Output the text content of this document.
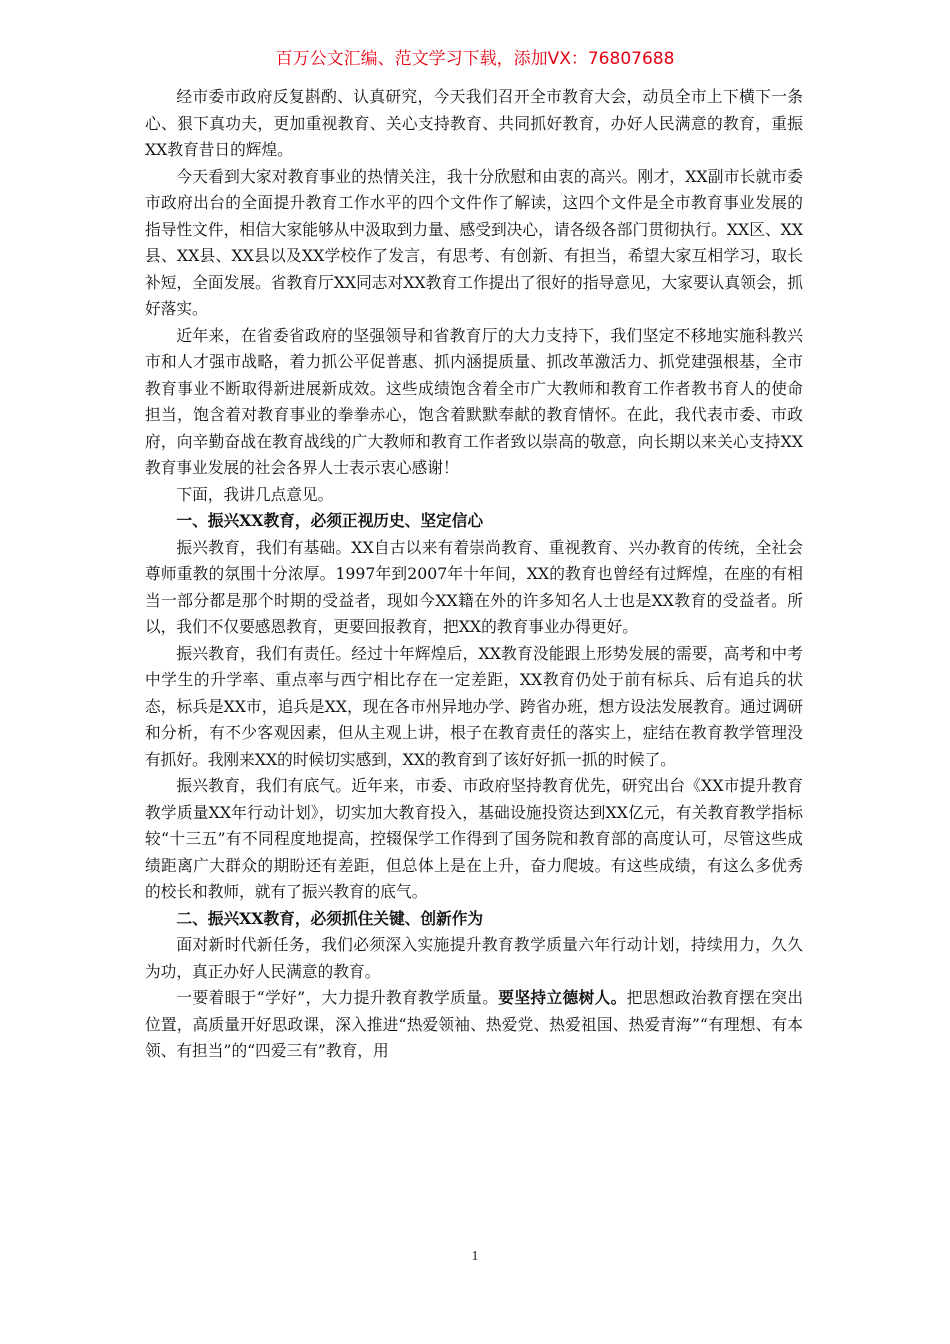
百万公文汇编、范文学习下载，添加VX：76807688

经市委市政府反复斟酌、认真研究，今天我们召开全市教育大会，动员全市上下横下一条心、狠下真功夫，更加重视教育、关心支持教育、共同抓好教育，办好人民满意的教育，重振XX教育昔日的辉煌。

今天看到大家对教育事业的热情关注，我十分欣慰和由衷的高兴。刚才，XX副市长就市委市政府出台的全面提升教育工作水平的四个文件作了解读，这四个文件是全市教育事业发展的指导性文件，相信大家能够从中汲取到力量、感受到决心，请各级各部门贯彻执行。XX区、XX县、XX县、XX县以及XX学校作了发言，有思考、有创新、有担当，希望大家互相学习，取长补短，全面发展。省教育厅XX同志对XX教育工作提出了很好的指导意见，大家要认真领会，抓好落实。

近年来，在省委省政府的坚强领导和省教育厅的大力支持下，我们坚定不移地实施科教兴市和人才强市战略，着力抓公平促普惠、抓内涵提质量、抓改革激活力、抓党建强根基，全市教育事业不断取得新进展新成效。这些成绩饱含着全市广大教师和教育工作者教书育人的使命担当，饱含着对教育事业的拳拳赤心，饱含着默默奉献的教育情怀。在此，我代表市委、市政府，向辛勤奋战在教育战线的广大教师和教育工作者致以崇高的敬意，向长期以来关心支持XX教育事业发展的社会各界人士表示衷心感谢！

下面，我讲几点意见。

一、振兴XX教育，必须正视历史、坚定信心

振兴教育，我们有基础。XX自古以来有着崇尚教育、重视教育、兴办教育的传统，全社会尊师重教的氛围十分浓厚。1997年到2007年十年间，XX的教育也曾经有过辉煌，在座的有相当一部分都是那个时期的受益者，现如今XX籍在外的许多知名人士也是XX教育的受益者。所以，我们不仅要感恩教育，更要回报教育，把XX的教育事业办得更好。

振兴教育，我们有责任。经过十年辉煌后，XX教育没能跟上形势发展的需要，高考和中考中学生的升学率、重点率与西宁相比存在一定差距，XX教育仍处于前有标兵、后有追兵的状态，标兵是XX市，追兵是XX，现在各市州异地办学、跨省办班，想方设法发展教育。通过调研和分析，有不少客观因素，但从主观上讲，根子在教育责任的落实上，症结在教育教学管理没有抓好。我刚来XX的时候切实感到，XX的教育到了该好好抓一抓的时候了。

振兴教育，我们有底气。近年来，市委、市政府坚持教育优先，研究出台《XX市提升教育教学质量XX年行动计划》，切实加大教育投入，基础设施投资达到XX亿元，有关教育教学指标较“十三五”有不同程度地提高，控辍保学工作得到了国务院和教育部的高度认可，尽管这些成绩距离广大群众的期盼还有差距，但总体上是在上升，奋力爬坡。有这些成绩，有这么多优秀的校长和教师，就有了振兴教育的底气。

二、振兴XX教育，必须抓住关键、创新作为

面对新时代新任务，我们必须深入实施提升教育教学质量六年行动计划，持续用力，久久为功，真正办好人民满意的教育。

一要着眼于“学好”，大力提升教育教学质量。要坚持立德树人。把思想政治教育摆在突出位置，高质量开好思政课，深入推进“热爱领袖、热爱党、热爱祖国、热爱青海”“有理想、有本领、有担当”的“四爱三有”教育，用

1
